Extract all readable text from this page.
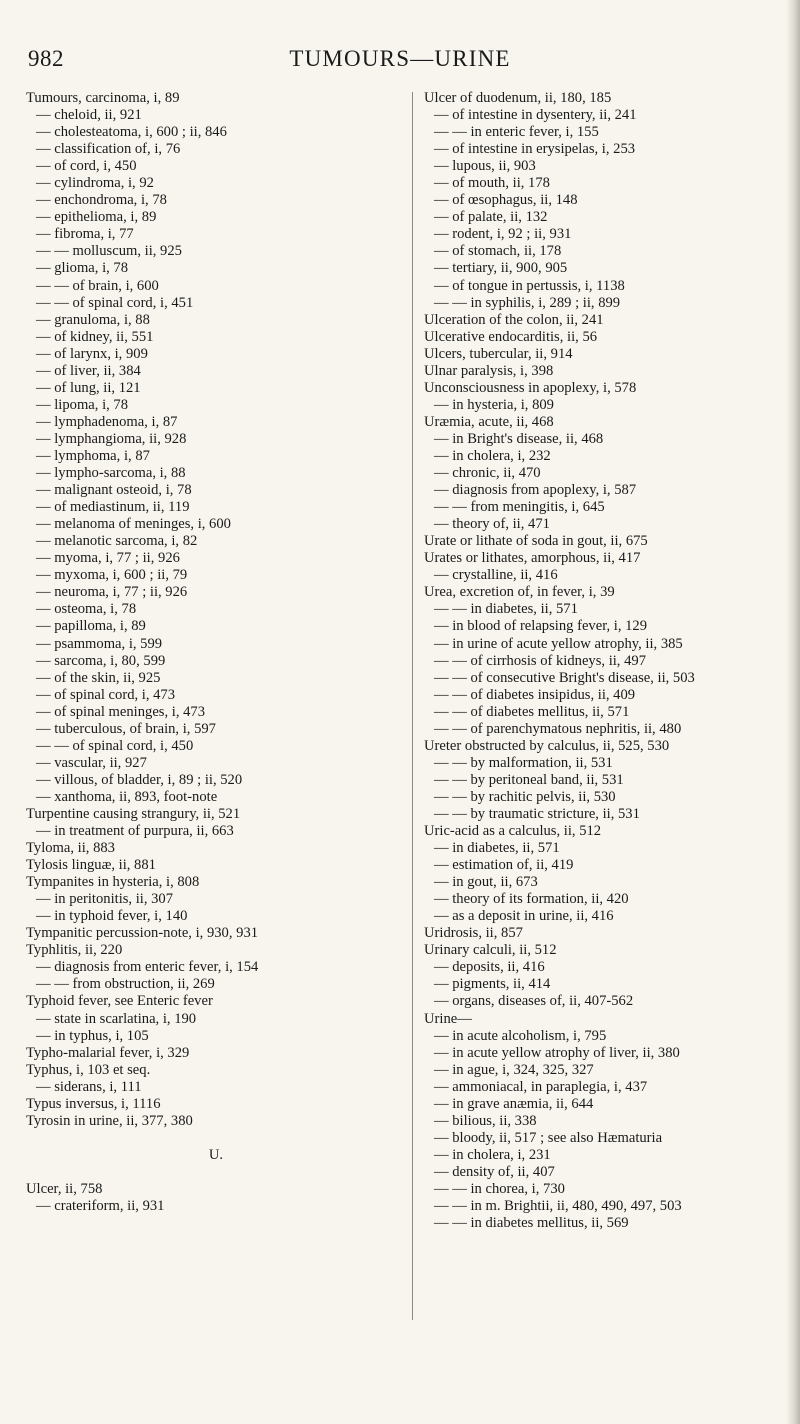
982	TUMOURS—URINE
Tumours, carcinoma, i, 89
— cheloid, ii, 921
— cholesteatoma, i, 600 ; ii, 846
— classification of, i, 76
— of cord, i, 450
— cylindroma, i, 92
— enchondroma, i, 78
— epithelioma, i, 89
— fibroma, i, 77
— — molluscum, ii, 925
— glioma, i, 78
— — of brain, i, 600
— — of spinal cord, i, 451
— granuloma, i, 88
— of kidney, ii, 551
— of larynx, i, 909
— of liver, ii, 384
— of lung, ii, 121
— lipoma, i, 78
— lymphadenoma, i, 87
— lymphangioma, ii, 928
— lymphoma, i, 87
— lympho-sarcoma, i, 88
— malignant osteoid, i, 78
— of mediastinum, ii, 119
— melanoma of meninges, i, 600
— melanotic sarcoma, i, 82
— myoma, i, 77 ; ii, 926
— myxoma, i, 600 ; ii, 79
— neuroma, i, 77 ; ii, 926
— osteoma, i, 78
— papilloma, i, 89
— psammoma, i, 599
— sarcoma, i, 80, 599
— of the skin, ii, 925
— of spinal cord, i, 473
— of spinal meninges, i, 473
— tuberculous, of brain, i, 597
— — of spinal cord, i, 450
— vascular, ii, 927
— villous, of bladder, i, 89 ; ii, 520
— xanthoma, ii, 893, foot-note
Turpentine causing strangury, ii, 521
— in treatment of purpura, ii, 663
Tyloma, ii, 883
Tylosis linguæ, ii, 881
Tympanites in hysteria, i, 808
— in peritonitis, ii, 307
— in typhoid fever, i, 140
Tympanitic percussion-note, i, 930, 931
Typhlitis, ii, 220
— diagnosis from enteric fever, i, 154
— — from obstruction, ii, 269
Typhoid fever, see Enteric fever
— state in scarlatina, i, 190
— in typhus, i, 105
Typho-malarial fever, i, 329
Typhus, i, 103 et seq.
— siderans, i, 111
Typus inversus, i, 1116
Tyrosin in urine, ii, 377, 380
U.
Ulcer, ii, 758
— crateriform, ii, 931
Ulcer of duodenum, ii, 180, 185
— of intestine in dysentery, ii, 241
— — in enteric fever, i, 155
— of intestine in erysipelas, i, 253
— lupous, ii, 903
— of mouth, ii, 178
— of œsophagus, ii, 148
— of palate, ii, 132
— rodent, i, 92 ; ii, 931
— of stomach, ii, 178
— tertiary, ii, 900, 905
— of tongue in pertussis, i, 1138
— — in syphilis, i, 289 ; ii, 899
Ulceration of the colon, ii, 241
Ulcerative endocarditis, ii, 56
Ulcers, tubercular, ii, 914
Ulnar paralysis, i, 398
Unconsciousness in apoplexy, i, 578
— in hysteria, i, 809
Uræmia, acute, ii, 468
— in Bright's disease, ii, 468
— in cholera, i, 232
— chronic, ii, 470
— diagnosis from apoplexy, i, 587
— — from meningitis, i, 645
— theory of, ii, 471
Urate or lithate of soda in gout, ii, 675
Urates or lithates, amorphous, ii, 417
— crystalline, ii, 416
Urea, excretion of, in fever, i, 39
— — in diabetes, ii, 571
— in blood of relapsing fever, i, 129
— in urine of acute yellow atrophy, ii, 385
— — of cirrhosis of kidneys, ii, 497
— — of consecutive Bright's disease, ii, 503
— — of diabetes insipidus, ii, 409
— — of diabetes mellitus, ii, 571
— — of parenchymatous nephritis, ii, 480
Ureter obstructed by calculus, ii, 525, 530
— — by malformation, ii, 531
— — by peritoneal band, ii, 531
— — by rachitic pelvis, ii, 530
— — by traumatic stricture, ii, 531
Uric-acid as a calculus, ii, 512
— in diabetes, ii, 571
— estimation of, ii, 419
— in gout, ii, 673
— theory of its formation, ii, 420
— as a deposit in urine, ii, 416
Uridrosis, ii, 857
Urinary calculi, ii, 512
— deposits, ii, 416
— pigments, ii, 414
— organs, diseases of, ii, 407-562
Urine—
— in acute alcoholism, i, 795
— in acute yellow atrophy of liver, ii, 380
— in ague, i, 324, 325, 327
— ammoniacal, in paraplegia, i, 437
— in grave anæmia, ii, 644
— bilious, ii, 338
— bloody, ii, 517 ; see also Hæmaturia
— in cholera, i, 231
— density of, ii, 407
— — in chorea, i, 730
— — in m. Brightii, ii, 480, 490, 497, 503
— — in diabetes mellitus, ii, 569
